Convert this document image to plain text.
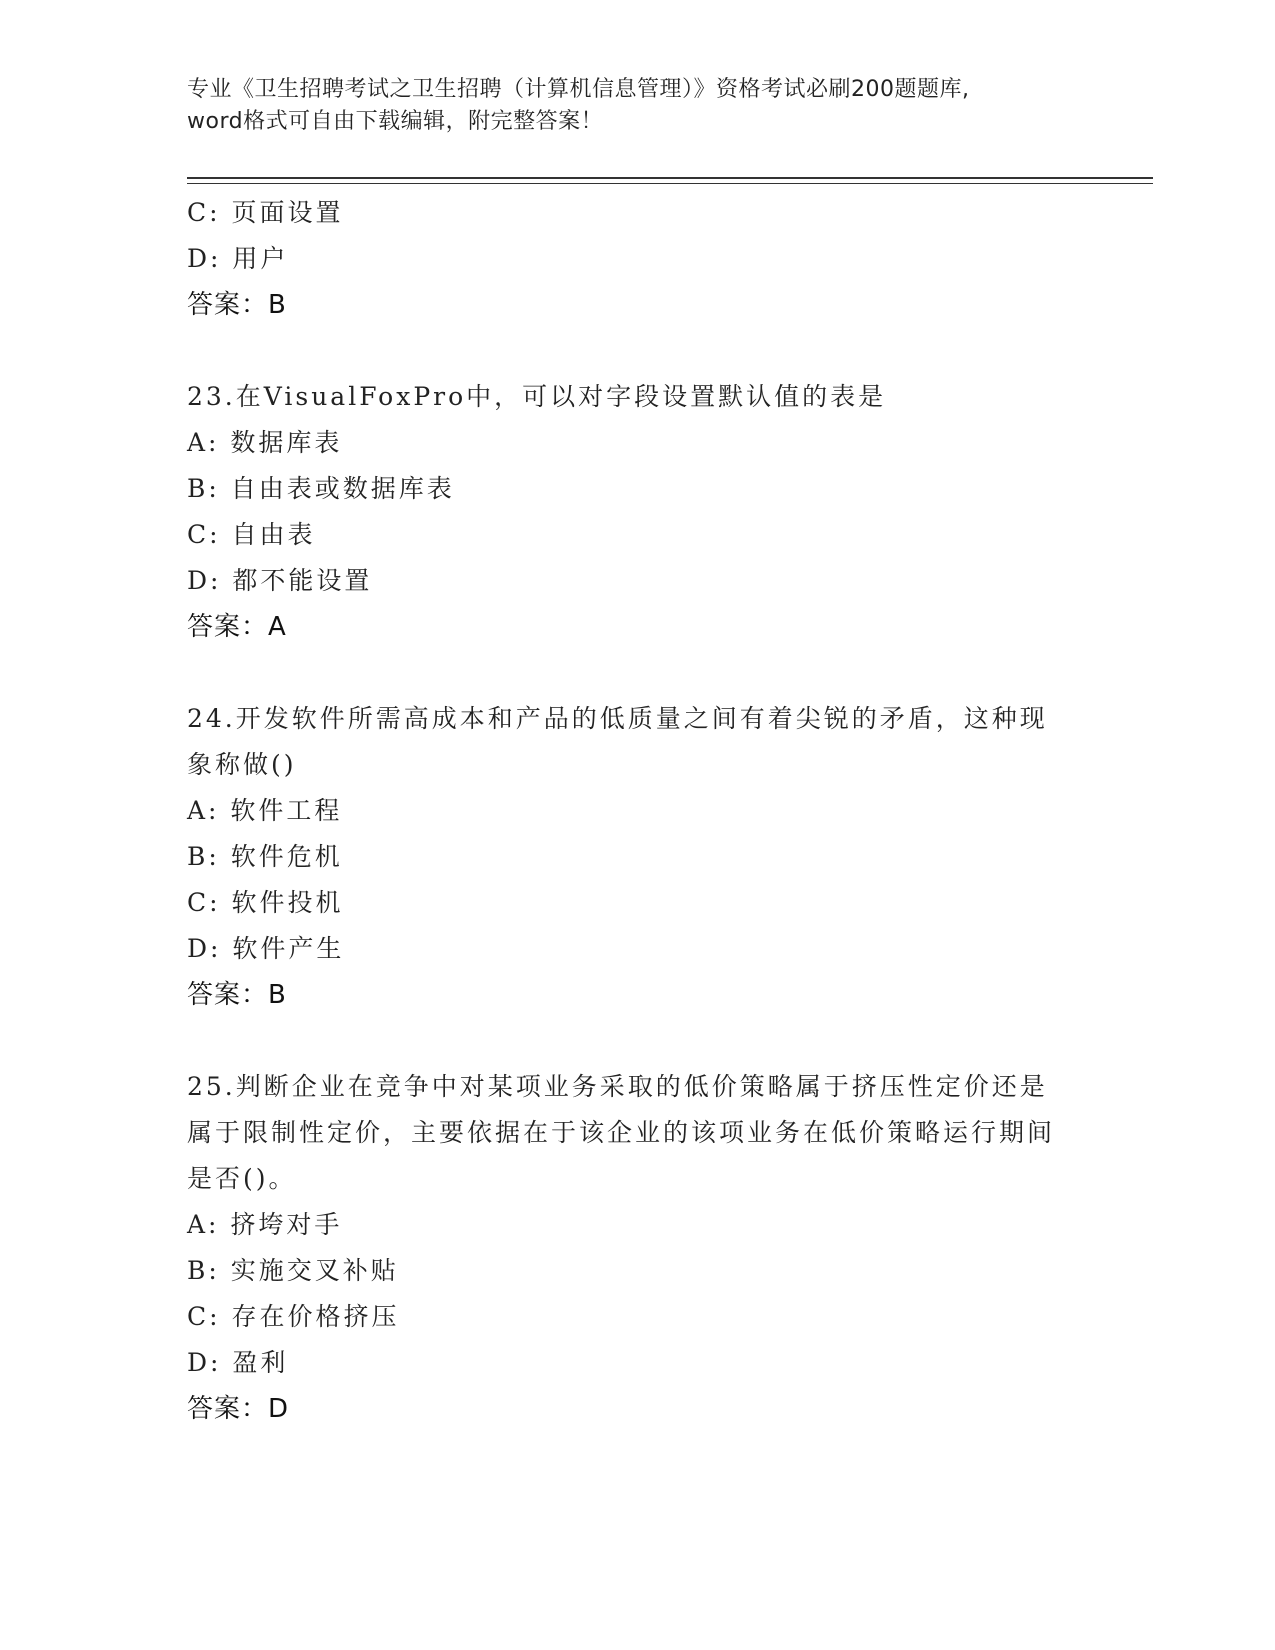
专业《卫生招聘考试之卫生招聘（计算机信息管理）》资格考试必刷200题题库,
word格式可自由下载编辑，附完整答案！
C: 页面设置
D: 用户
答案：B
23.在VisualFoxPro中，可以对字段设置默认值的表是
A: 数据库表
B: 自由表或数据库表
C: 自由表
D: 都不能设置
答案：A
24.开发软件所需高成本和产品的低质量之间有着尖锐的矛盾，这种现象称做()
A: 软件工程
B: 软件危机
C: 软件投机
D: 软件产生
答案：B
25.判断企业在竞争中对某项业务采取的低价策略属于挤压性定价还是属于限制性定价，主要依据在于该企业的该项业务在低价策略运行期间是否()。
A: 挤垮对手
B: 实施交叉补贴
C: 存在价格挤压
D: 盈利
答案：D
